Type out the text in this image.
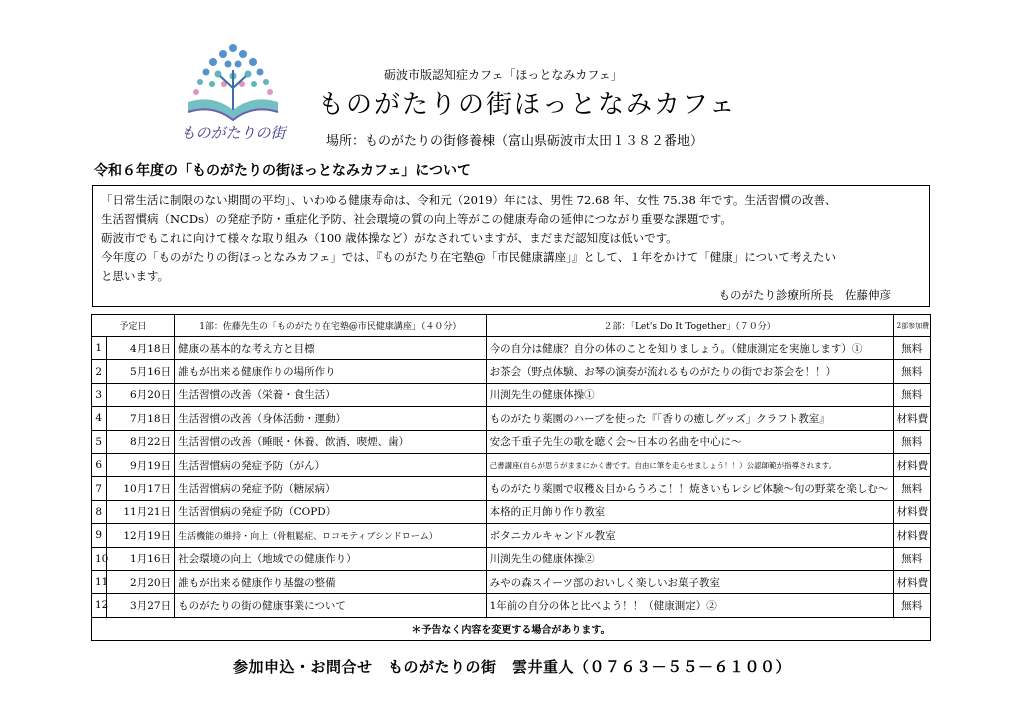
ものがたりの街
砺波市版認知症カフェ「ほっとなみカフェ」
ものがたりの街ほっとなみカフェ
場所：ものがたりの街修養棟（富山県砺波市太田１３８２番地）
令和６年度の「ものがたりの街ほっとなみカフェ」について

「日常生活に制限のない期間の平均」、いわゆる健康寿命は、令和元（2019）年には、男性 72.68 年、女性 75.38 年です。生活習慣の改善、

生活習慣病（NCDs）の発症予防・重症化予防、社会環境の質の向上等がこの健康寿命の延伸につながり重要な課題です。

砺波市でもこれに向けて様々な取り組み（100 歳体操など）がなされていますが、まだまだ認知度は低いです。

今年度の「ものがたりの街ほっとなみカフェ」では、『ものがたり在宅塾@「市民健康講座」』として、１年をかけて「健康」について考えたい

と思います。

ものがたり診療所所長　佐藤伸彦

予定日		1部：佐藤先生の「ものがたり在宅塾@市民健康講座」（４０分）	２部：「Let's Do It Together」（７０分）	2部参加費
1	4月18日	健康の基本的な考え方と目標	今の自分は健康？自分の体のことを知りましょう。（健康測定を実施します）①	無料
2	5月16日	誰もが出来る健康作りの場所作り	お茶会（野点体験、お琴の演奏が流れるものがたりの街でお茶会を！！）	無料
3	6月20日	生活習慣の改善（栄養・食生活）	川渕先生の健康体操①	無料
4	7月18日	生活習慣の改善（身体活動・運動）	ものがたり薬園のハーブを使った『「香りの癒しグッズ」クラフト教室』	材料費
5	8月22日	生活習慣の改善（睡眠・休養、飲酒、喫煙、歯）	安念千重子先生の歌を聴く会～日本の名曲を中心に～	無料
6	9月19日	生活習慣病の発症予防（がん）	己書講座(自らが思うがままにかく書です。自由に筆を走らせましょう！！）公認師範が指導されます。	材料費
7	10月17日	生活習慣病の発症予防（糖尿病）	ものがたり薬園で収穫＆目からうろこ！！焼きいもレシピ体験～旬の野菜を楽しむ～	無料
8	11月21日	生活習慣病の発症予防（COPD）	本格的正月飾り作り教室	材料費
9	12月19日	生活機能の維持・向上（骨粗鬆症、ロコモティブシンドローム）	ボタニカルキャンドル教室	材料費
10	1月16日	社会環境の向上（地域での健康作り）	川渕先生の健康体操②	無料
11	2月20日	誰もが出来る健康作り基盤の整備	みやの森スイーツ部のおいしく楽しいお菓子教室	材料費
12	3月27日	ものがたりの街の健康事業について	1年前の自分の体と比べよう！！（健康測定）②	無料
＊予告なく内容を変更する場合があります。				
参加申込・お問合せ　ものがたりの街　雲井重人（０７６３－５５－６１００）
